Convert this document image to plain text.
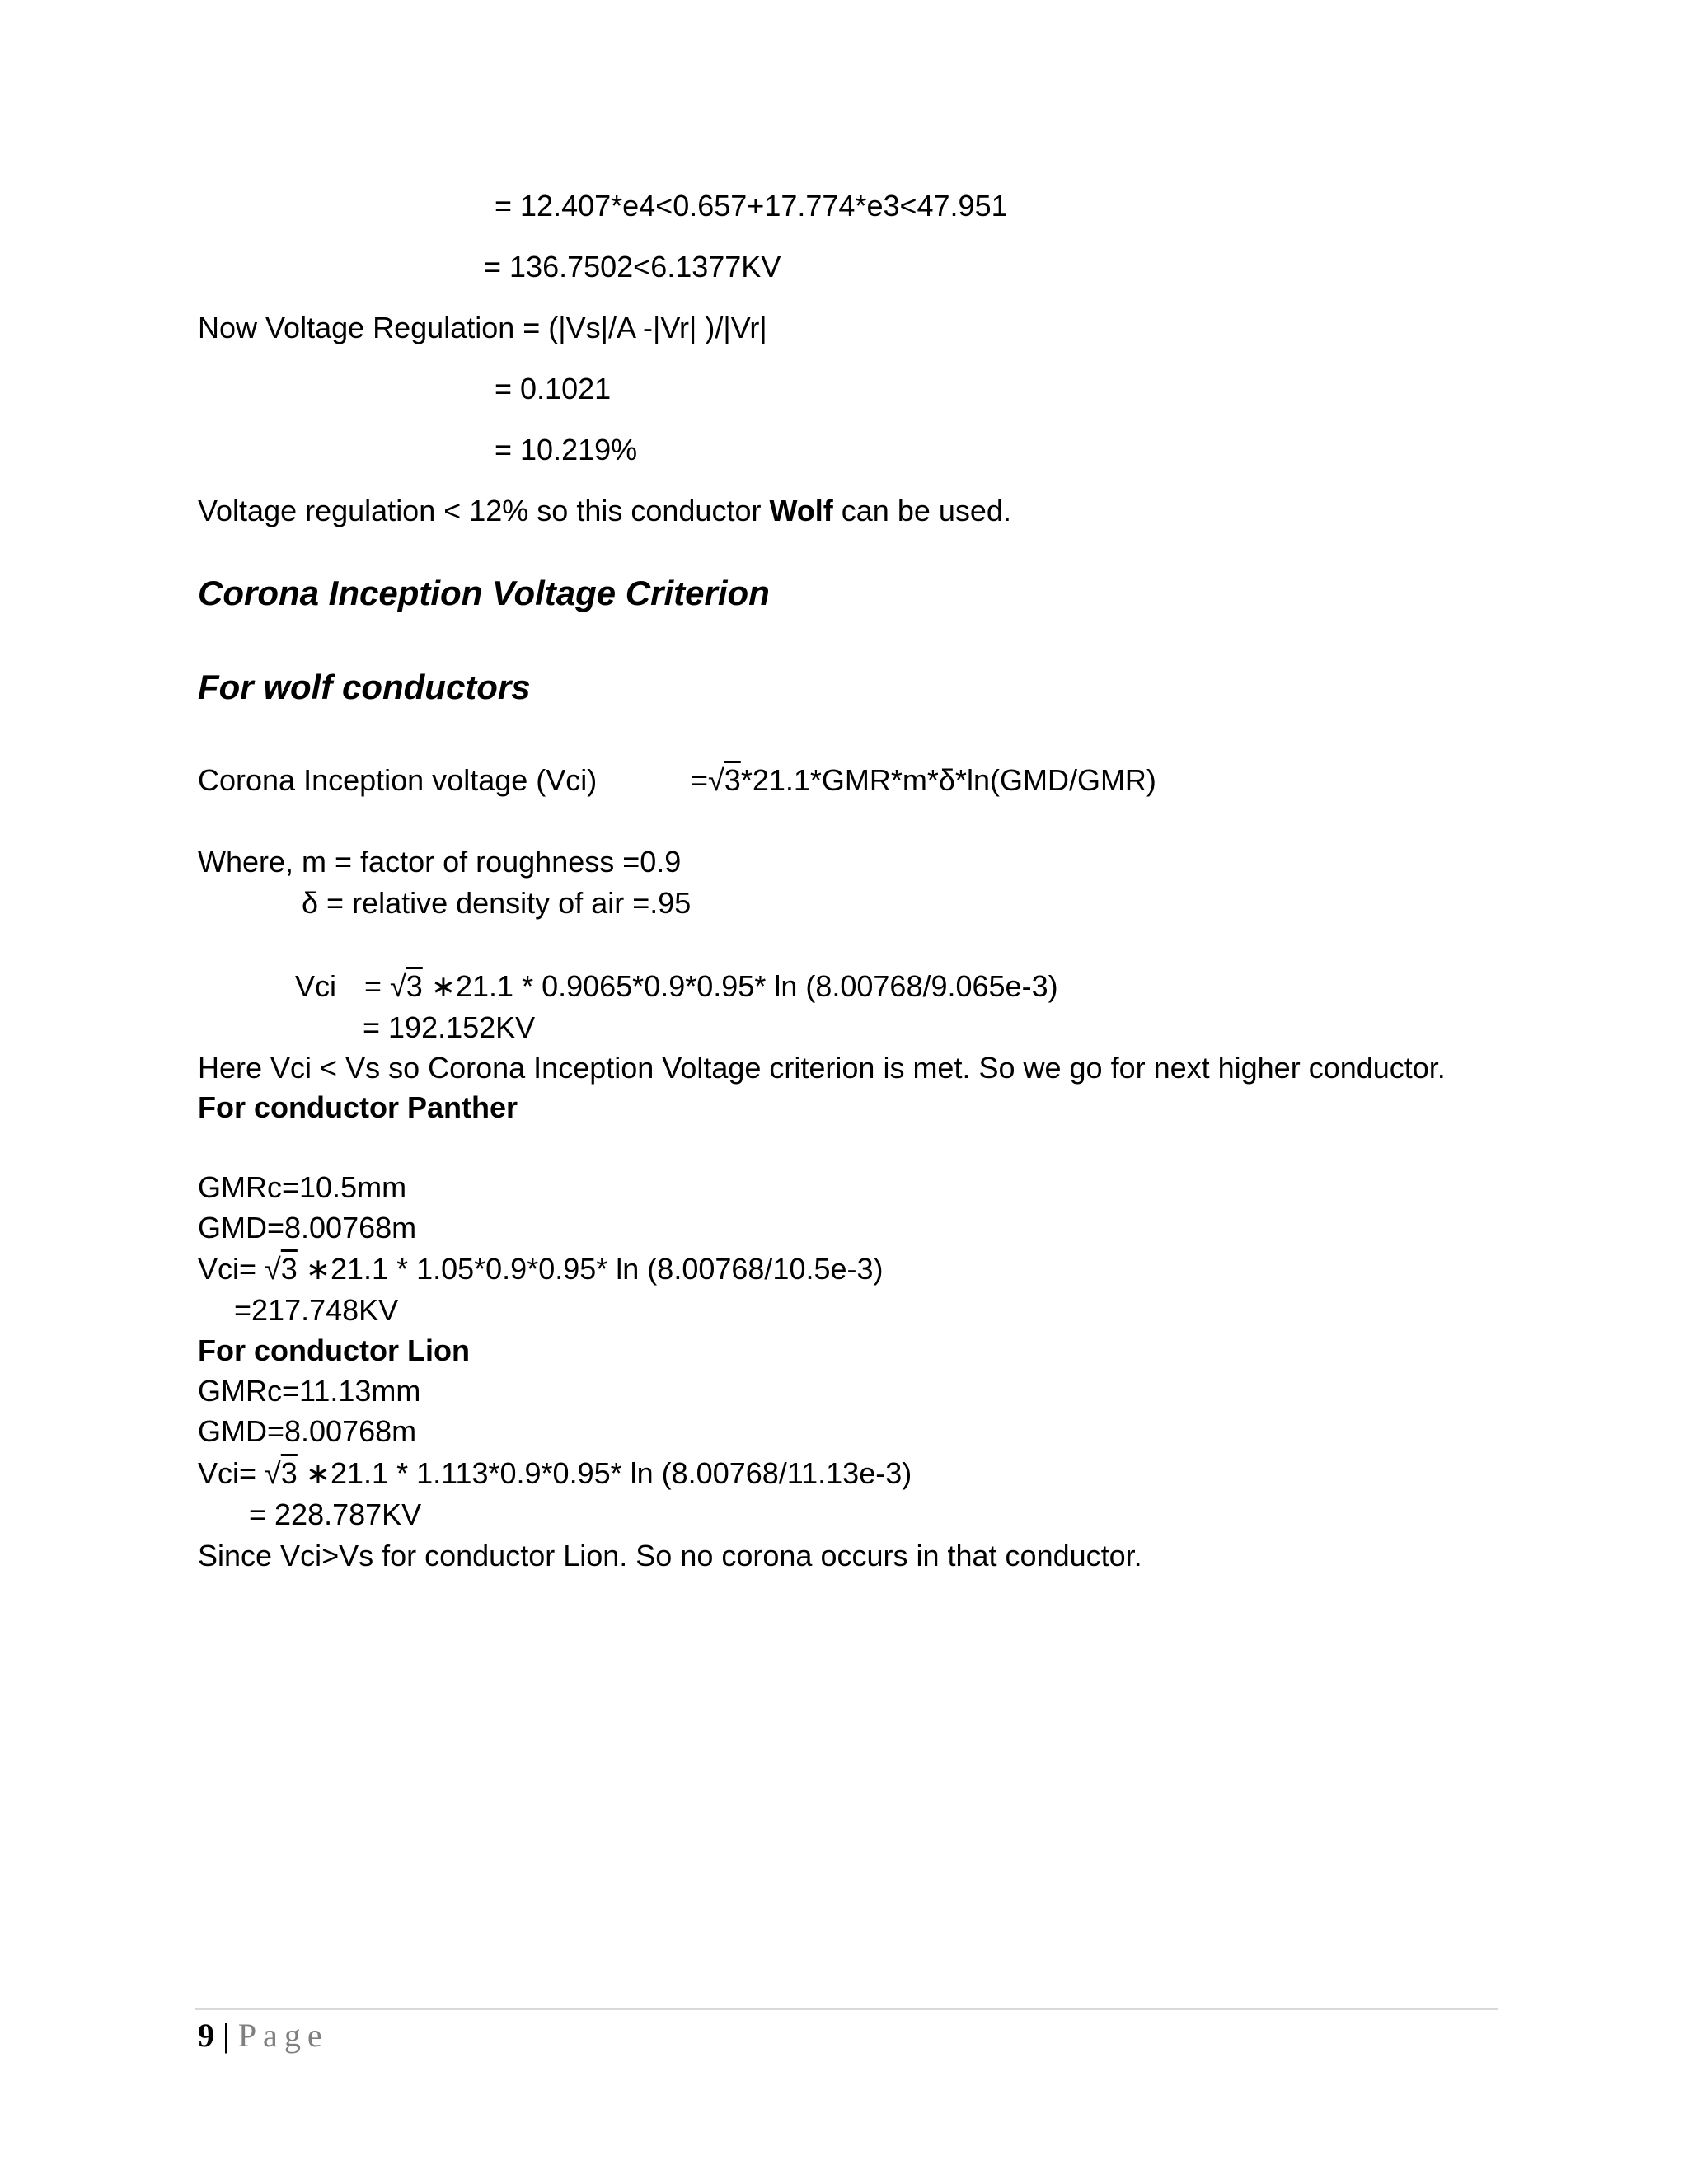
= 12.407*e4<0.657+17.774*e3<47.951
= 136.7502<6.1377KV
Now Voltage Regulation = (|Vs|/A -|Vr| )/|Vr|
= 0.1021
= 10.219%
Voltage regulation < 12% so this conductor Wolf can be used.
Corona Inception Voltage Criterion
For wolf conductors
Corona Inception voltage (Vci)	=√3*21.1*GMR*m*δ*ln(GMD/GMR)
Where, m = factor of roughness =0.9
δ = relative density of air =.95
Vci = √3 ∗21.1 * 0.9065*0.9*0.95* ln (8.00768/9.065e-3)
= 192.152KV
Here Vci < Vs so Corona Inception Voltage criterion is met. So we go for next higher conductor.
For conductor Panther
GMRc=10.5mm
GMD=8.00768m
Vci= √3 ∗21.1 * 1.05*0.9*0.95* ln (8.00768/10.5e-3)
=217.748KV
For conductor Lion
GMRc=11.13mm
GMD=8.00768m
Vci= √3 ∗21.1 * 1.113*0.9*0.95* ln (8.00768/11.13e-3)
= 228.787KV
Since Vci>Vs for conductor Lion. So no corona occurs in that conductor.
9 | Page
